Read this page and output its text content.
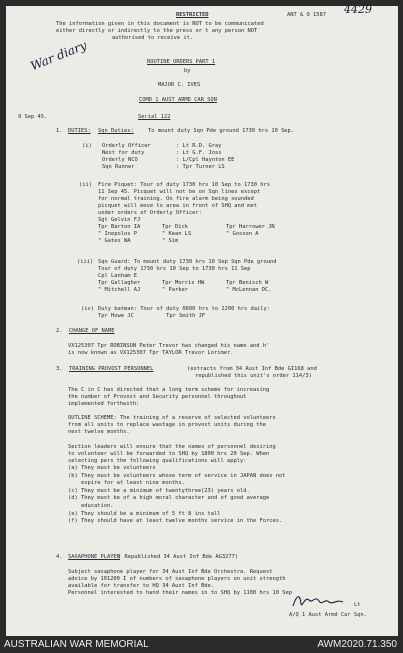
RESTRICTED	ANT & O 1587 4429
The information given in this document is NOT to be communicated
either directly or indirectly to the press or t any person NOT
authorised to receive it.
War diary	ROUTINE ORDERS PART 1
by
MAJOR C. IVES
COMD 1 AUST ARMD CAR SQN
9 Sep 45.	Serial 122
1. DUTIES: Sqn Duties:	To mount duty Sqn Pde ground 1730 hrs 10 Sep.
(i) Orderly Officer	: Lt R.D. Gray
Next for duty	: Lt G.F. Joss
Orderly NCO	: L/Cpl Haynton EE
Sqn Runner	: Tpr Turner LS
(ii) Fire Piquet: Tour of duty 1730 hrs 10 Sep to 1730 hrs
11 Sep 45. Picquet will not be on Sqn lines except
for normal training. On fire alarm being sounded
picquet will move to area in front of SHQ and met
under orders of Orderly Officer:
Sgt Gelvin FJ
Tpr Barton IA	Tpr Dick	Tpr Harrower JN
" Inepolos P	" Kean LS	" Gosson A
" Gates WA	" Sim
(iii) Sqn Guard: To mount duty 1730 hrs 10 Sep Sqn Pde ground
Tour of duty 1730 hrs 10 Sep to 1730 hrs 11 Sep
Cpl Lanham E
Tpr Gallagher	Tpr Morris HW	Tpr Benisch W
" Mitchell AJ	" Parker	" McLennan DC.
(iv) Duty batman: Tour of duty 0600 hrs to 2200 hrs daily:
Tpr Howe JC          Tpr Smith JF
2. CHANGE OF NAME
VX125307 Tpr ROBINSON Peter Trevor has changed his name and h'
is now known as VX125307 Tpr TAYLOR Trevor Lorimer.
3. TRAINING PROVOST PERSONNEL	(extracts from 34 Aust Inf Bde GI168 and
republished this unit's order 114/3)
The C in C has directed that a long term scheme for increasing
the number of Provost and Security personnel throughout
implemented forthwith:
OUTLINE SCHEME: The training of a reserve of selected volunteers
from all units to replace wastage in provost units during the
next twelve months.
Section leaders will ensure that the names of personnel desiring
to volunteer will be forwarded to SHQ by 1800 hrs 20 Sep. When
selecting pers the following qualifications will apply:
(a) They must be volunteers
(b) They must be volunteers whose term of service in JAPAN does not
expire for at least nine months.
(c) They must be a minimum of twentythree(23) years old.
(d) They must be of a high moral character and of good average
education.
(e) They should be a minimum of 5 ft 8 ins tall
(f) They should have at least twelve months service in the Forces.
4. SAXAPHONE PLAYER
) Republished 34 Aust Inf Bde AG3277)
Subject saxaphone player for 34 Aust Inf Bde Orchestra. Request
advice by 101200 I of numbers of saxaphone players on unit strength
available for transfer to HQ 34 Aust Inf Bde.
Personnel interested to hand their names in to SHQ by 1100 hrs 10 Sep
Lt
A/Q 1 Aust Armd Car Sqn.
AUSTRALIAN WAR MEMORIAL	AWM2020.71.350
